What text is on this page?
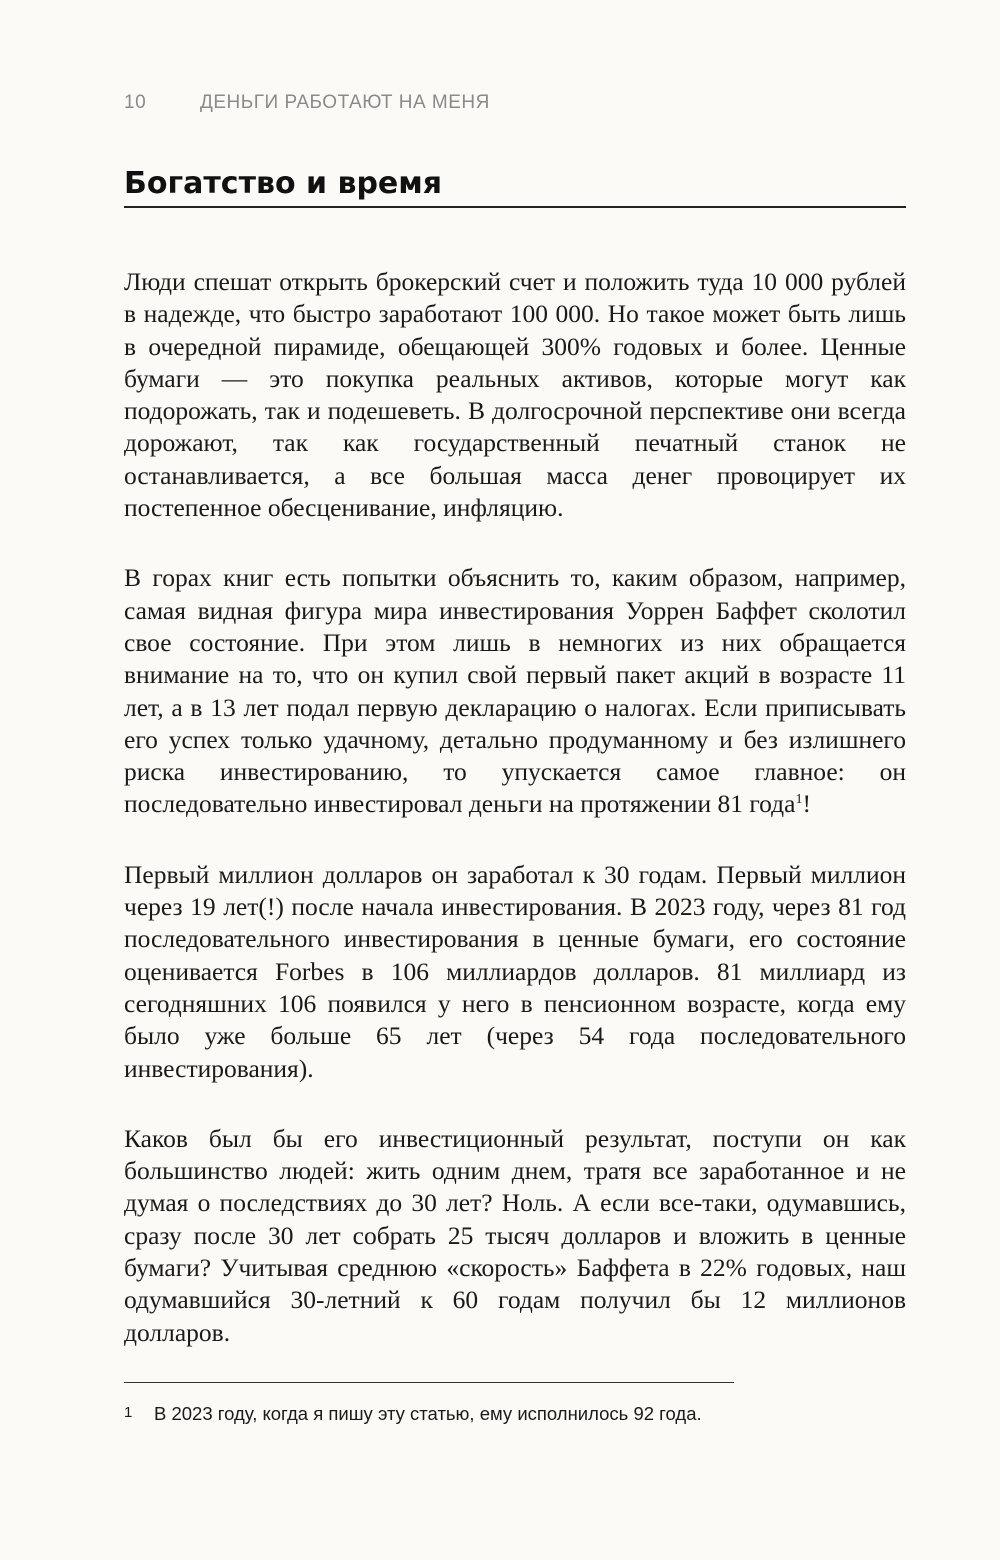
10	ДЕНЬГИ РАБОТАЮТ НА МЕНЯ
Богатство и время

Люди спешат открыть брокерский счет и положить туда 10 000 рублей в надежде, что быстро заработают 100 000. Но такое может быть лишь в очередной пирамиде, обещающей 300% годовых и более. Ценные бумаги — это покупка реальных активов, которые могут как подорожать, так и подешеветь. В долгосрочной перспективе они всегда дорожают, так как государственный печатный станок не останавливается, а все большая масса денег провоцирует их постепенное обесценивание, инфляцию.

В горах книг есть попытки объяснить то, каким образом, например, самая видная фигура мира инвестирования Уоррен Баффет сколотил свое состояние. При этом лишь в немногих из них обращается внимание на то, что он купил свой первый пакет акций в возрасте 11 лет, а в 13 лет подал первую декларацию о налогах. Если приписывать его успех только удачному, детально продуманному и без излишнего риска инвестированию, то упускается самое главное: он последовательно инвестировал деньги на протяжении 81 года$^1$!

Первый миллион долларов он заработал к 30 годам. Первый миллион через 19 лет(!) после начала инвестирования. В 2023 году, через 81 год последовательного инвестирования в ценные бумаги, его состояние оценивается Forbes в 106 миллиардов долларов. 81 миллиард из сегодняшних 106 появился у него в пенсионном возрасте, когда ему было уже больше 65 лет (через 54 года последовательного инвестирования).

Каков был бы его инвестиционный результат, поступи он как большинство людей: жить одним днем, тратя все заработанное и не думая о последствиях до 30 лет? Ноль. А если все-таки, одумавшись, сразу после 30 лет собрать 25 тысяч долларов и вложить в ценные бумаги? Учитывая среднюю «скорость» Баффета в 22% годовых, наш одумавшийся 30-летний к 60 годам получил бы 12 миллионов долларов.

1 В 2023 году, когда я пишу эту статью, ему исполнилось 92 года.
